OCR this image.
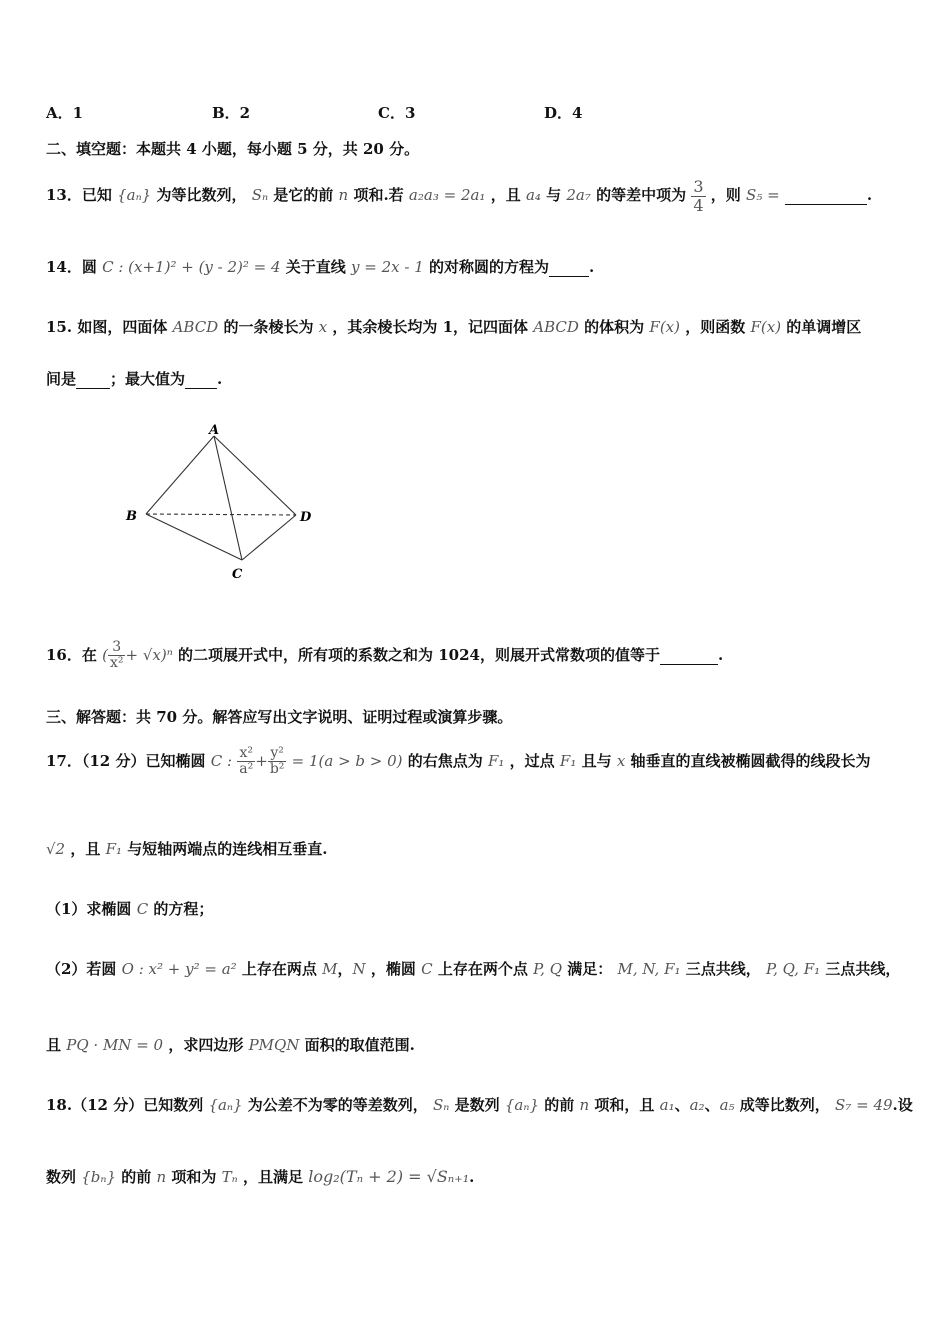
A．1	B．2	C．3	D．4
二、填空题：本题共 4 小题，每小题 5 分，共 20 分。
13．已知 {aₙ} 为等比数列， Sₙ 是它的前 n 项和.若 a₂a₃ = 2a₁ ，且 a₄ 与 2a₇ 的等差中项为 $\frac{3}{4}$ ，则 S₅ =	.
14．圆 C : (x+1)² + (y - 2)² = 4 关于直线 y = 2x - 1 的对称圆的方程为	.
15. 如图，四面体 ABCD 的一条棱长为 x ，其余棱长均为 1，记四面体 ABCD 的体积为 F(x) ，则函数 F(x) 的单调增区
间是 ；最大值为 .
A
B	D
C
16．在 ( $\frac{3}{\text{x²}} + √x)^n$ 的二项展开式中，所有项的系数之和为 1024，则展开式常数项的值等于	.
三、解答题：共 70 分。解答应写出文字说明、证明过程或演算步骤。
17．（12 分）已知椭圆 C : $\frac{\text{x²}}{\text{a²}} + \frac{\text{y²}}{\text{b²}} = 1(a > b > 0)$ 的右焦点为 F₁ ，过点 F₁ 且与 x 轴垂直的直线被椭圆截得的线段长为
√2 ，且 F₁ 与短轴两端点的连线相互垂直.
（1）求椭圆 C 的方程；
（2）若圆 O : x² + y² = a² 上存在两点 M，N ，椭圆 C 上存在两个点 P, Q 满足： M, N, F₁ 三点共线， P, Q, F₁ 三点共线，
且 PQ · MN = 0 ，求四边形 PMQN 面积的取值范围.
18.（12 分）已知数列 {aₙ} 为公差不为零的等差数列， Sₙ 是数列 {aₙ} 的前 n 项和，且 a₁、a₂、a₅ 成等比数列， S₇ = 49.设
数列 {bₙ} 的前 n 项和为 Tₙ ，且满足 log₂(Tₙ + 2) = √Sₙ₊₁.
